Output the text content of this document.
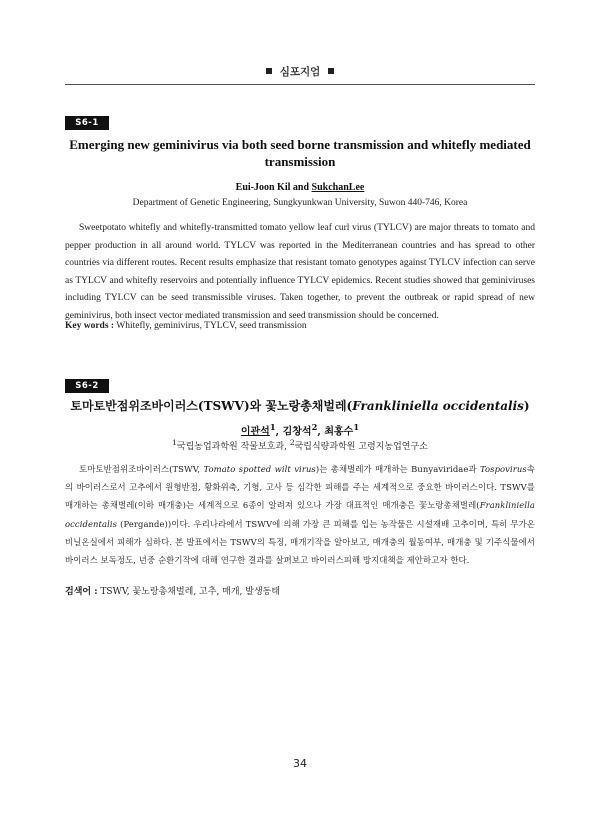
심포지엄
S6-1
Emerging new geminivirus via both seed borne transmission and whitefly mediated transmission
Eui-Joon Kil and SukchanLee
Department of Genetic Engineering, Sungkyunkwan University, Suwon 440-746, Korea
Sweetpotato whitefly and whitefly-transmitted tomato yellow leaf curl virus (TYLCV) are major threats to tomato and pepper production in all around world. TYLCV was reported in the Mediterranean countries and has spread to other countries via different routes. Recent results emphasize that resistant tomato genotypes against TYLCV infection can serve as TYLCV and whitefly reservoirs and potentially influence TYLCV epidemics. Recent studies showed that geminiviruses including TYLCV can be seed transmissible viruses. Taken together, to prevent the outbreak or rapid spread of new geminivirus, both insect vector mediated transmission and seed transmission should be concerned.
Key words : Whitefly, geminivirus, TYLCV, seed transmission
S6-2
토마토반점위조바이러스(TSWV)와 꽃노랑총채벌레(Frankliniella occidentalis)
이관석$^1$, 김창석$^2$, 최홍수$^1$
$^1$국립농업과학원 작물보호과, $^2$국립식량과학원 고령지농업연구소
토마토반점위조바이러스(TSWV, Tomato spotted wilt virus)는 총채벌레가 매개하는 Bunyaviridae과 Tospovirus속의 바이러스로서 고추에서 원형반점, 황화위축, 기형, 고사 등 심각한 피해를 주는 세계적으로 중요한 바이러스이다. TSWV를 매개하는 총채벌레(이하 매개충)는 세계적으로 6종이 알려져 있으나 가장 대표적인 매개충은 꽃노랑총채벌레(Frankliniella occidentalis (Pergande))이다. 우리나라에서 TSWV에 의해 가장 큰 피해를 입는 농작물은 시설재배 고추이며, 특히 무가온 비닐온실에서 피해가 심하다. 본 발표에서는 TSWV의 특징, 매개기작을 알아보고, 매개충의 월동여부, 매개충 및 기주식물에서 바이러스 보독정도, 년중 순환기작에 대해 연구한 결과를 살펴보고 바이러스피해 방지대책을 제안하고자 한다.
검색어 : TSWV, 꽃노랑총채벌레, 고추, 매개, 발생동태
34
